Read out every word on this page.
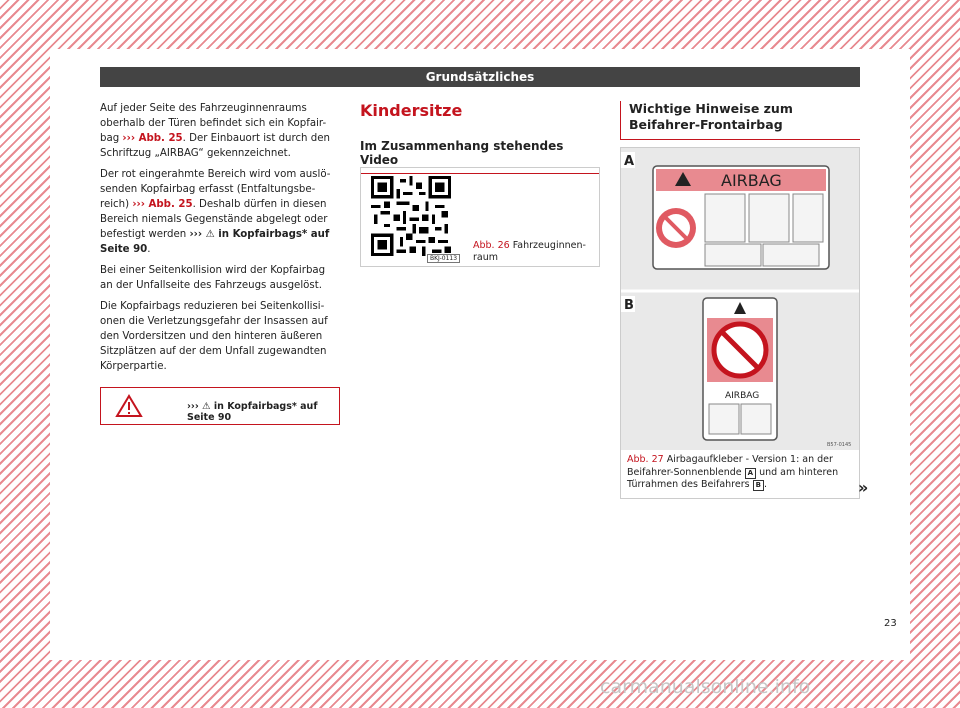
Grundsätzliches

Auf jeder Seite des Fahrzeuginnenraums oberhalb der Türen befindet sich ein Kopfair-bag ››› Abb. 25. Der Einbauort ist durch den Schriftzug „AIRBAG“ gekennzeichnet.

Der rot eingerahmte Bereich wird vom auslö-senden Kopfairbag erfasst (Entfaltungsbe-reich) ››› Abb. 25. Deshalb dürfen in diesen Bereich niemals Gegenstände abgelegt oder befestigt werden ››› ⚠ in Kopfairbags* auf Seite 90.

Bei einer Seitenkollision wird der Kopfairbag an der Unfallseite des Fahrzeugs ausgelöst.

Die Kopfairbags reduzieren bei Seitenkollisi-onen die Verletzungsgefahr der Insassen auf den Vordersitzen und den hinteren äußeren Sitzplätzen auf der dem Unfall zugewandten Körperpartie.

››› ⚠ in Kopfairbags* auf Seite 90
Kindersitze
Im Zusammenhang stehendes Video
BKJ-0113
Abb. 26 Fahrzeuginnen-raum
Wichtige Hinweise zum Beifahrer-Frontairbag
AIRBAG
A
B
AIRBAG
B57-0145
Abb. 27 Airbagaufkleber - Version 1: an der Beifahrer-Sonnenblende A und am hinteren Türrahmen des Beifahrers B .	»
23
carmanualsonline.info
